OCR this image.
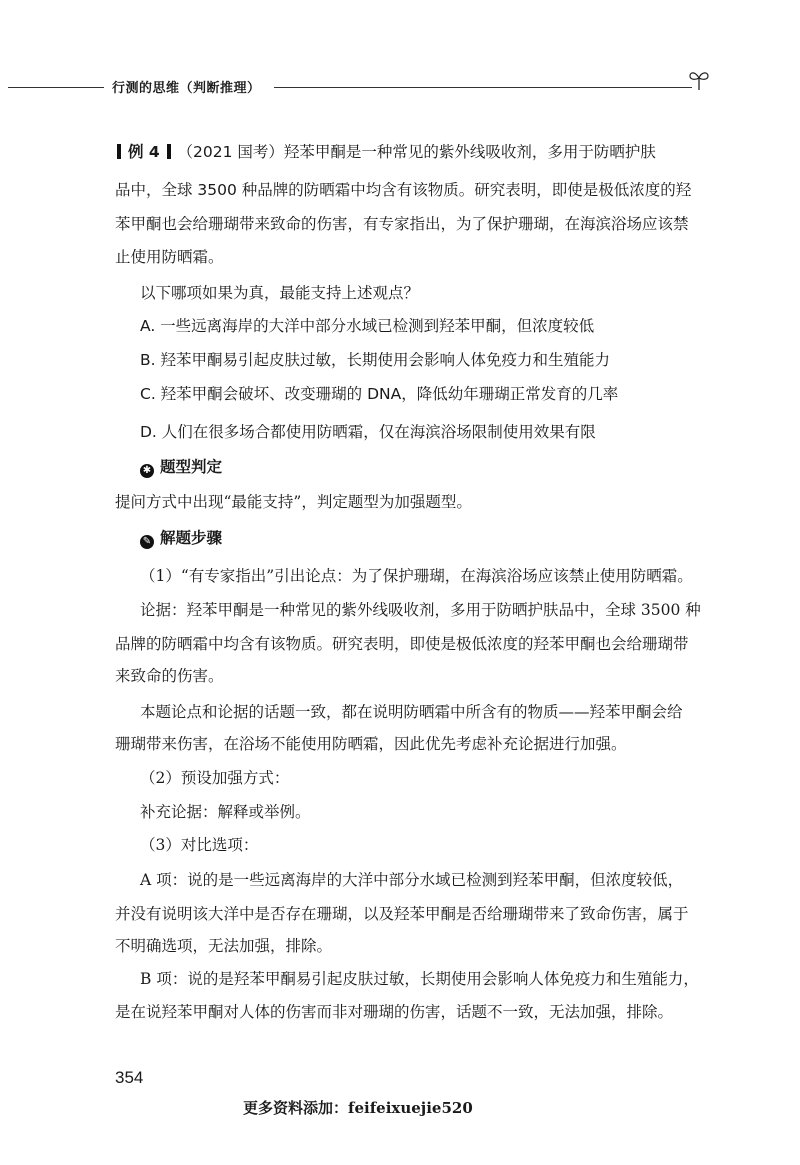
行测的思维（判断推理）
例 4 （2021 国考）羟苯甲酮是一种常见的紫外线吸收剂，多用于防晒护肤
品中，全球 3500 种品牌的防晒霜中均含有该物质。研究表明，即使是极低浓度的羟
苯甲酮也会给珊瑚带来致命的伤害，有专家指出，为了保护珊瑚，在海滨浴场应该禁
止使用防晒霜。
以下哪项如果为真，最能支持上述观点？
A. 一些远离海岸的大洋中部分水域已检测到羟苯甲酮，但浓度较低
B. 羟苯甲酮易引起皮肤过敏，长期使用会影响人体免疫力和生殖能力
C. 羟苯甲酮会破坏、改变珊瑚的 DNA，降低幼年珊瑚正常发育的几率
D. 人们在很多场合都使用防晒霜，仅在海滨浴场限制使用效果有限
✱ 题型判定
提问方式中出现“最能支持”，判定题型为加强题型。
✎ 解题步骤
（1）“有专家指出”引出论点：为了保护珊瑚，在海滨浴场应该禁止使用防晒霜。
论据：羟苯甲酮是一种常见的紫外线吸收剂，多用于防晒护肤品中，全球 3500 种
品牌的防晒霜中均含有该物质。研究表明，即使是极低浓度的羟苯甲酮也会给珊瑚带
来致命的伤害。
本题论点和论据的话题一致，都在说明防晒霜中所含有的物质——羟苯甲酮会给
珊瑚带来伤害，在浴场不能使用防晒霜，因此优先考虑补充论据进行加强。
（2）预设加强方式：
补充论据：解释或举例。
（3）对比选项：
A 项：说的是一些远离海岸的大洋中部分水域已检测到羟苯甲酮，但浓度较低，
并没有说明该大洋中是否存在珊瑚，以及羟苯甲酮是否给珊瑚带来了致命伤害，属于
不明确选项，无法加强，排除。
B 项：说的是羟苯甲酮易引起皮肤过敏，长期使用会影响人体免疫力和生殖能力，
是在说羟苯甲酮对人体的伤害而非对珊瑚的伤害，话题不一致，无法加强，排除。
354
更多资料添加：feifeixuejie520
